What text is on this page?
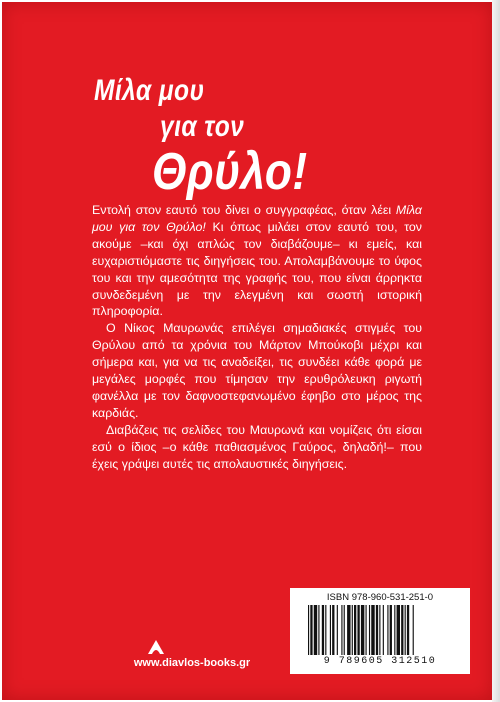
Μίλα μου
για τον
Θρύλο!

Εντολή στον εαυτό του δίνει ο συγγραφέας, όταν λέει Μίλα μου για τον Θρύλο! Κι όπως μιλάει στον εαυτό του, τον ακούμε –και όχι απλώς τον διαβάζουμε– κι εμείς, και ευχαριστιόμαστε τις διηγήσεις του. Απολαμβάνουμε το ύφος του και την αμεσότητα της γραφής του, που είναι άρρηκτα συνδεδεμένη με την ελεγμένη και σωστή ιστορική πληροφορία.

Ο Νίκος Μαυρωνάς επιλέγει σημαδιακές στιγμές του Θρύλου από τα χρόνια του Μάρτον Μπούκοβι μέχρι και σήμερα και, για να τις αναδείξει, τις συνδέει κάθε φορά με μεγάλες μορφές που τίμησαν την ερυθρόλευκη ριγωτή φανέλλα με τον δαφνοστεφανωμένο έφηβο στο μέρος της καρδιάς.

Διαβάζεις τις σελίδες του Μαυρωνά και νομίζεις ότι είσαι εσύ ο ίδιος –ο κάθε παθιασμένος Γαύρος, δηλαδή!– που έχεις γράψει αυτές τις απολαυστικές διηγήσεις.

www.diavlos-books.gr
ISBN 978-960-531-251-0
9 789605 312510
